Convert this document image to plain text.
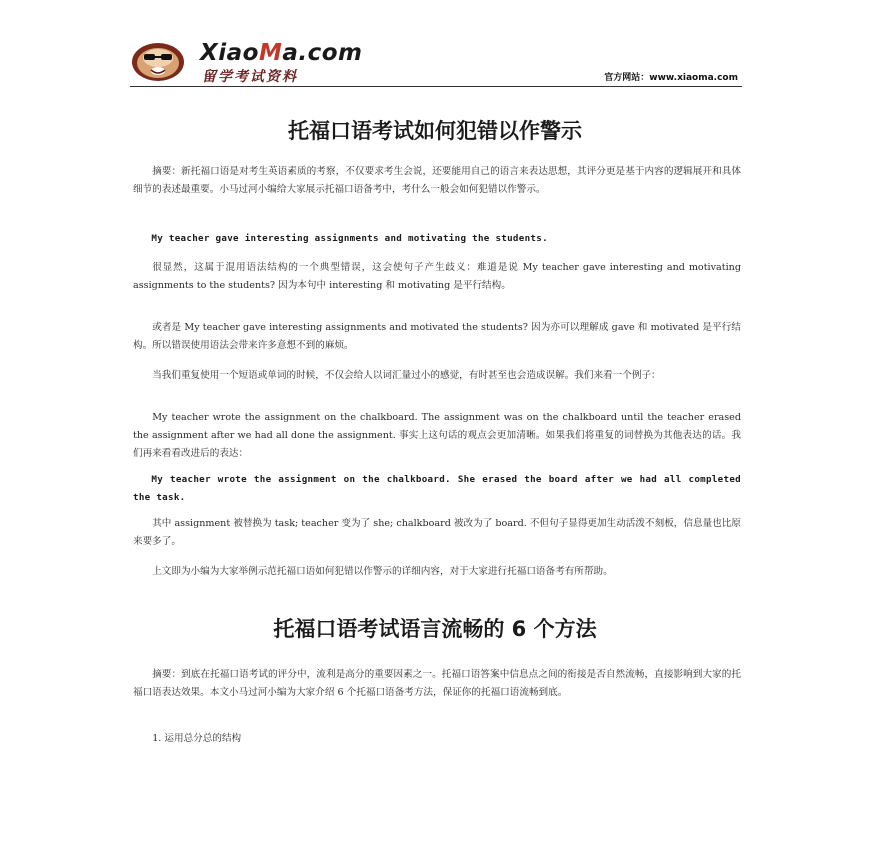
XiaoMa.com
留学考试资料	官方网站：www.xiaoma.com
托福口语考试如何犯错以作警示
摘要：新托福口语是对考生英语素质的考察，不仅要求考生会说，还要能用自己的语言来表达思想，其评分更是基于内容的逻辑展开和具体细节的表述最重要。小马过河小编给大家展示托福口语备考中，考什么一般会如何犯错以作警示。
My teacher gave interesting assignments and motivating the students.
很显然，这属于混用语法结构的一个典型错误，这会使句子产生歧义：难道是说 My teacher gave interesting and motivating assignments to the students? 因为本句中 interesting 和 motivating 是平行结构。
或者是 My teacher gave interesting assignments and motivated the students? 因为亦可以理解成 gave 和 motivated 是平行结构。所以错误使用语法会带来许多意想不到的麻烦。
当我们重复使用一个短语或单词的时候，不仅会给人以词汇量过小的感觉，有时甚至也会造成误解。我们来看一个例子：
My teacher wrote the assignment on the chalkboard. The assignment was on the chalkboard until the teacher erased the assignment after we had all done the assignment. 事实上这句话的观点会更加清晰。如果我们将重复的词替换为其他表达的话。我们再来看看改进后的表达：
My teacher wrote the assignment on the chalkboard. She erased the board after we had all completed the task.
其中 assignment 被替换为 task; teacher 变为了 she; chalkboard 被改为了 board. 不但句子显得更加生动活泼不刻板，信息量也比原来要多了。
上文即为小编为大家举例示范托福口语如何犯错以作警示的详细内容，对于大家进行托福口语备考有所帮助。
托福口语考试语言流畅的 6 个方法
摘要：到底在托福口语考试的评分中，流利是高分的重要因素之一。托福口语答案中信息点之间的衔接是否自然流畅，直接影响到大家的托福口语表达效果。本文小马过河小编为大家介绍 6 个托福口语备考方法，保证你的托福口语流畅到底。
1. 运用总分总的结构
